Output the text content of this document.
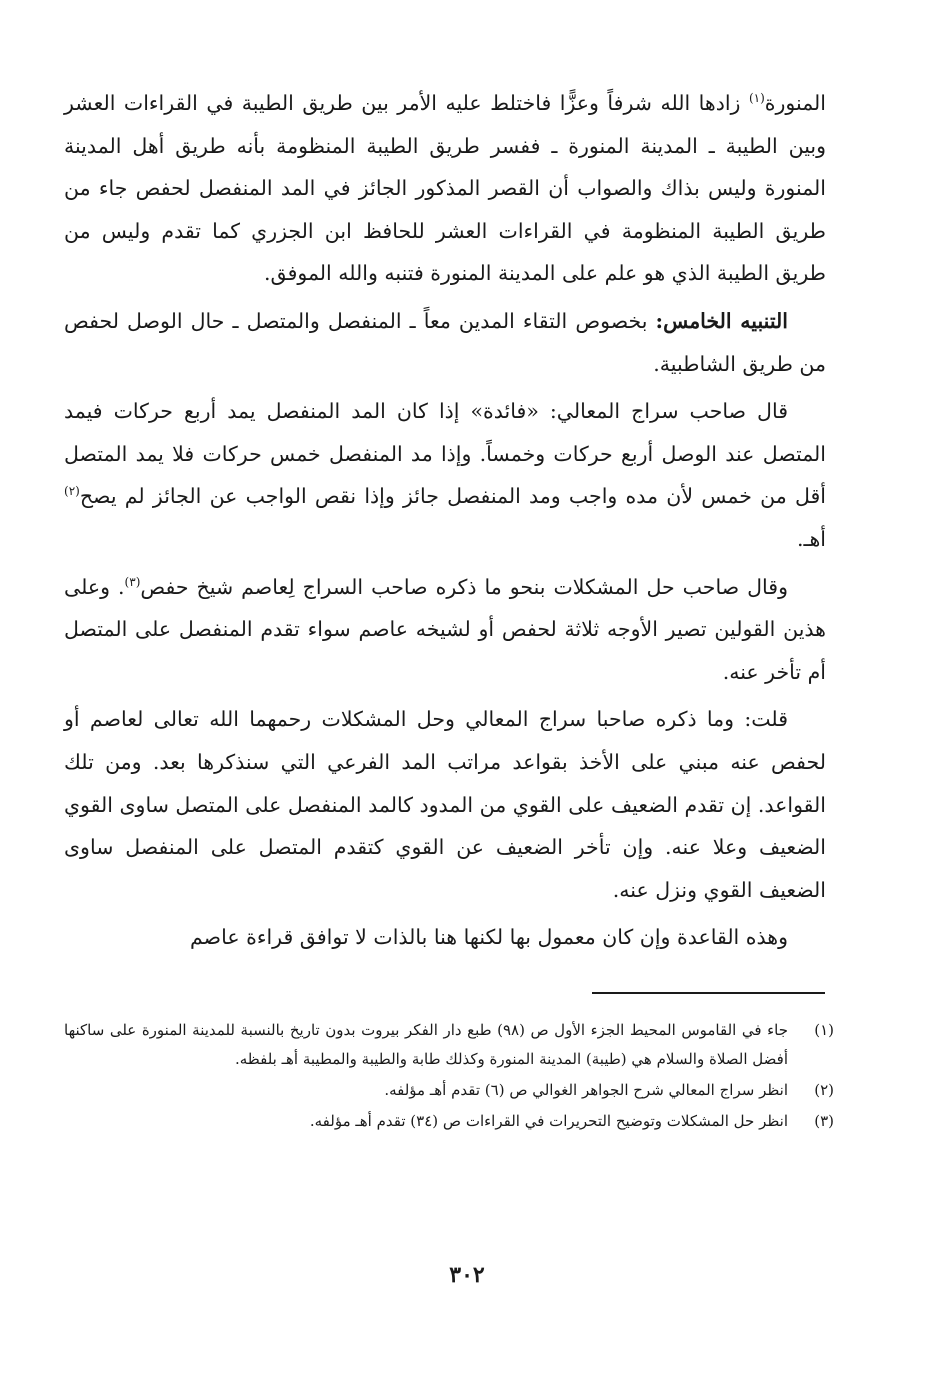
المنورة$^{(١)}$ زادها الله شرفاً وعزًّا فاختلط عليه الأمر بين طريق الطيبة في القراءات العشر وبين الطيبة ـ المدينة المنورة ـ ففسر طريق الطيبة المنظومة بأنه طريق أهل المدينة المنورة وليس بذاك والصواب أن القصر المذكور الجائز في المد المنفصل لحفص جاء من طريق الطيبة المنظومة في القراءات العشر للحافظ ابن الجزري كما تقدم وليس من طريق الطيبة الذي هو علم على المدينة المنورة فتنبه والله الموفق.

التنبيه الخامس: بخصوص التقاء المدين معاً ـ المنفصل والمتصل ـ حال الوصل لحفص من طريق الشاطبية.

قال صاحب سراج المعالي: «فائدة» إذا كان المد المنفصل يمد أربع حركات فيمد المتصل عند الوصل أربع حركات وخمساً. وإذا مد المنفصل خمس حركات فلا يمد المتصل أقل من خمس لأن مده واجب ومد المنفصل جائز وإذا نقص الواجب عن الجائز لم يصح$^{(٢)}$ أهـ.

وقال صاحب حل المشكلات بنحو ما ذكره صاحب السراج لِعاصم شيخ حفص$^{(٣)}$. وعلى هذين القولين تصير الأوجه ثلاثة لحفص أو لشيخه عاصم سواء تقدم المنفصل على المتصل أم تأخر عنه.

قلت: وما ذكره صاحبا سراج المعالي وحل المشكلات رحمهما الله تعالى لعاصم أو لحفص عنه مبني على الأخذ بقواعد مراتب المد الفرعي التي سنذكرها بعد. ومن تلك القواعد. إن تقدم الضعيف على القوي من المدود كالمد المنفصل على المتصل ساوى القوي الضعيف وعلا عنه. وإن تأخر الضعيف عن القوي كتقدم المتصل على المنفصل ساوى الضعيف القوي ونزل عنه.

وهذه القاعدة وإن كان معمول بها لكنها هنا بالذات لا توافق قراءة عاصم

(١)
جاء في القاموس المحيط الجزء الأول ص (٩٨) طبع دار الفكر بيروت بدون تاريخ بالنسبة للمدينة المنورة على ساكنها أفضل الصلاة والسلام هي (طيبة) المدينة المنورة وكذلك طابة والطيبة والمطيبة أهـ بلفظه.
(٢)
انظر سراج المعالي شرح الجواهر الغوالي ص (٦) تقدم أهـ مؤلفه.
(٣)
انظر حل المشكلات وتوضيح التحريرات في القراءات ص (٣٤) تقدم أهـ مؤلفه.
٣٠٢
